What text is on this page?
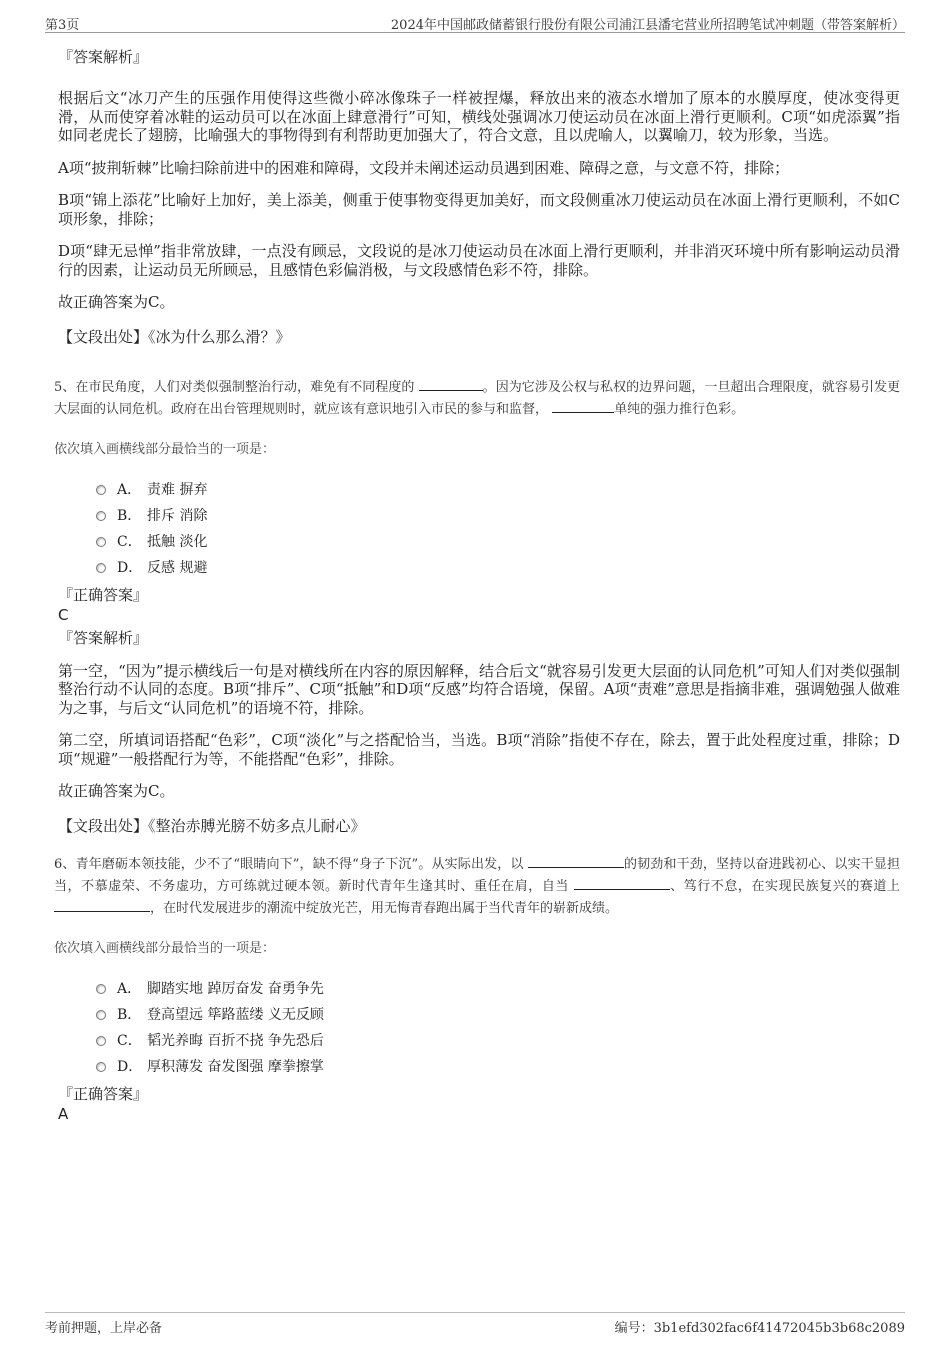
第3页	2024年中国邮政储蓄银行股份有限公司浦江县潘宅营业所招聘笔试冲刺题（带答案解析）

『答案解析』

根据后文“冰刀产生的压强作用使得这些微小碎冰像珠子一样被捏爆，释放出来的液态水增加了原本的水膜厚度，使冰变得更滑，从而使穿着冰鞋的运动员可以在冰面上肆意滑行”可知，横线处强调冰刀使运动员在冰面上滑行更顺利。C项“如虎添翼”指如同老虎长了翅膀，比喻强大的事物得到有利帮助更加强大了，符合文意，且以虎喻人，以翼喻刀，较为形象，当选。

A项“披荆斩棘”比喻扫除前进中的困难和障碍，文段并未阐述运动员遇到困难、障碍之意，与文意不符，排除；

B项“锦上添花”比喻好上加好，美上添美，侧重于使事物变得更加美好，而文段侧重冰刀使运动员在冰面上滑行更顺利，不如C项形象，排除；

D项“肆无忌惮”指非常放肆，一点没有顾忌，文段说的是冰刀使运动员在冰面上滑行更顺利，并非消灭环境中所有影响运动员滑行的因素，让运动员无所顾忌，且感情色彩偏消极，与文段感情色彩不符，排除。

故正确答案为C。

【文段出处】《冰为什么那么滑？》

5、在市民角度，人们对类似强制整治行动，难免有不同程度的	。因为它涉及公权与私权的边界问题，一旦超出合理限度，就容易引发更大层面的认同危机。政府在出台管理规则时，就应该有意识地引入市民的参与和监督，	单纯的强力推行色彩。

依次填入画横线部分最恰当的一项是：

A． 责难 摒弃
B． 排斥 消除
C． 抵触 淡化
D． 反感 规避

『正确答案』

C

『答案解析』

第一空，“因为”提示横线后一句是对横线所在内容的原因解释，结合后文“就容易引发更大层面的认同危机”可知人们对类似强制整治行动不认同的态度。B项“排斥”、C项“抵触”和D项“反感”均符合语境，保留。A项“责难”意思是指摘非难，强调勉强人做难为之事，与后文“认同危机”的语境不符，排除。

第二空，所填词语搭配“色彩”，C项“淡化”与之搭配恰当，当选。B项“消除”指使不存在，除去，置于此处程度过重，排除；D项“规避”一般搭配行为等，不能搭配“色彩”，排除。

故正确答案为C。

【文段出处】《整治赤膊光膀不妨多点儿耐心》

6、青年磨砺本领技能，少不了“眼睛向下”，缺不得“身子下沉”。从实际出发，以	的韧劲和干劲，坚持以奋进践初心、以实干显担当，不慕虚荣、不务虚功，方可练就过硬本领。新时代青年生逢其时、重任在肩，自当	、笃行不怠，在实现民族复兴的赛道上 ，在时代发展进步的潮流中绽放光芒，用无悔青春跑出属于当代青年的崭新成绩。

依次填入画横线部分最恰当的一项是：

A． 脚踏实地 踔厉奋发 奋勇争先
B． 登高望远 筚路蓝缕 义无反顾
C． 韬光养晦 百折不挠 争先恐后
D． 厚积薄发 奋发图强 摩拳擦掌

『正确答案』

A

考前押题，上岸必备	编号：3b1efd302fac6f41472045b3b68c2089
